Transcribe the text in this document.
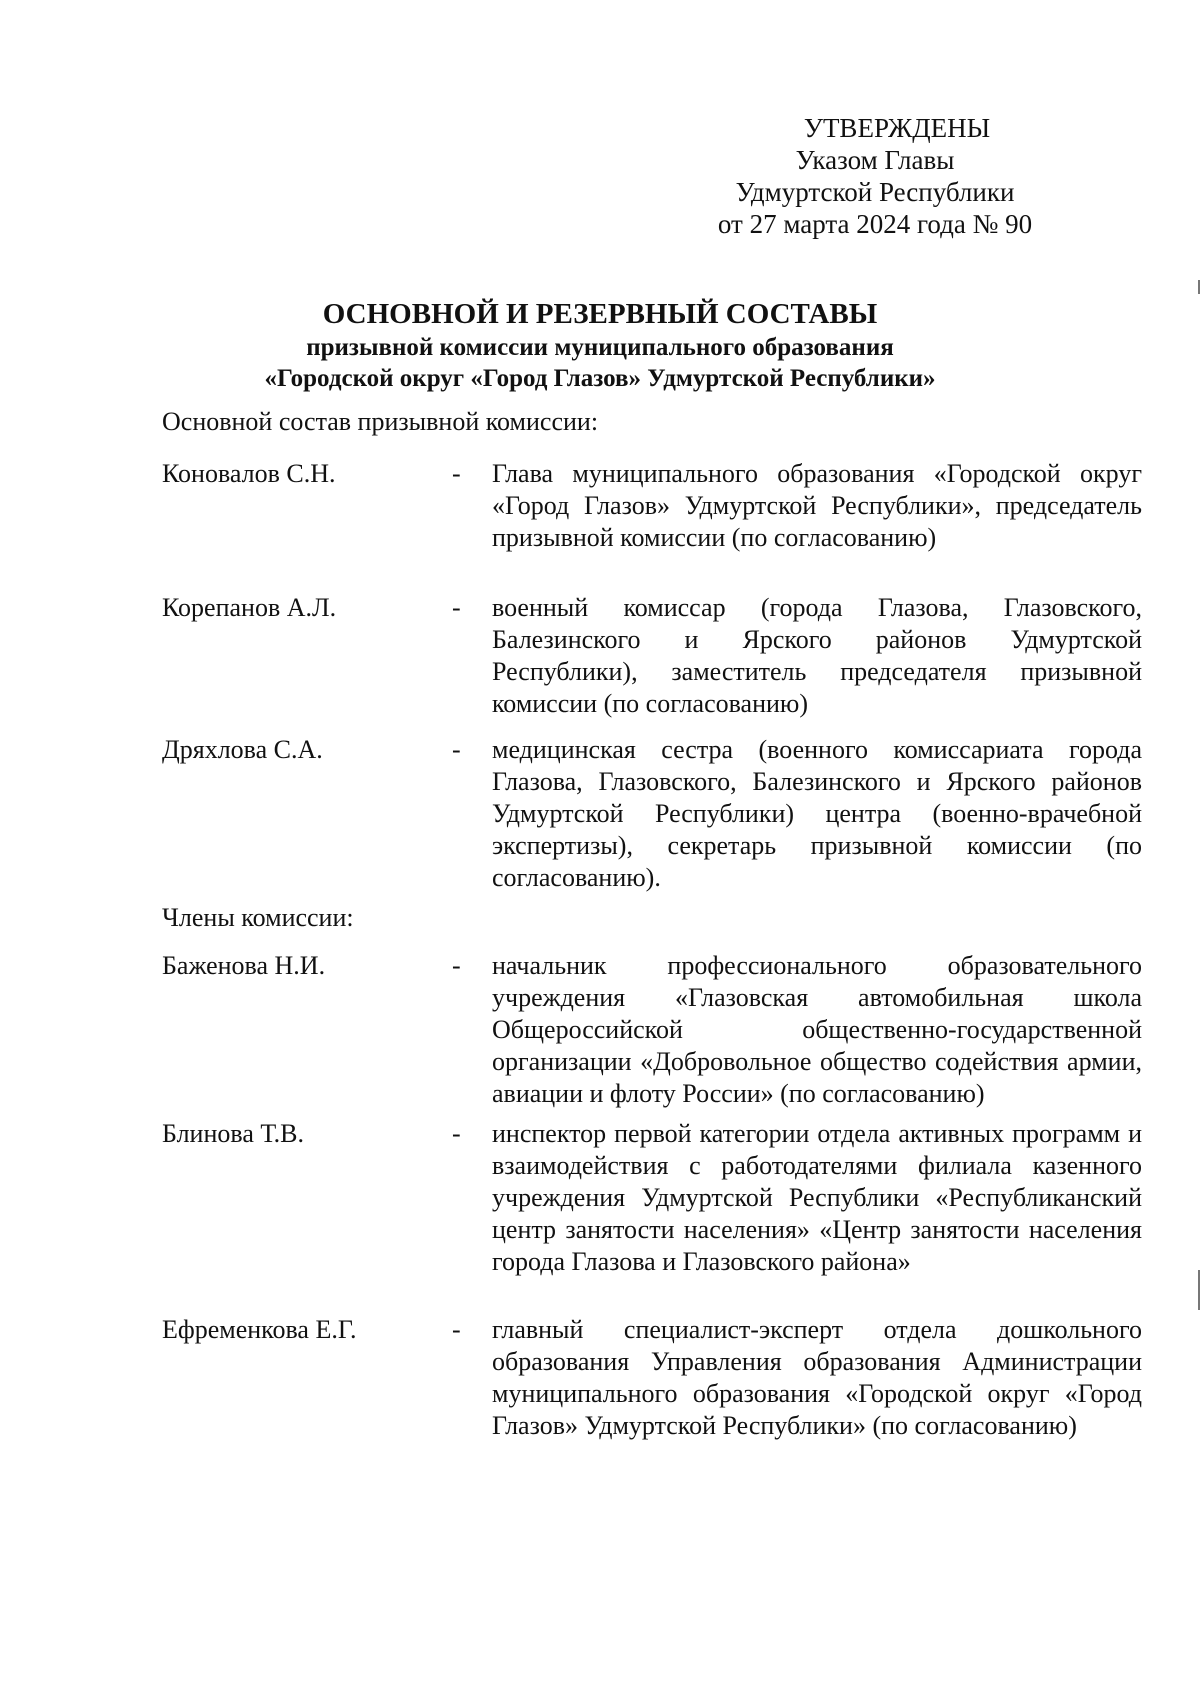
УТВЕРЖДЕНЫ
Указом Главы
Удмуртской Республики
от 27 марта 2024 года № 90
ОСНОВНОЙ И РЕЗЕРВНЫЙ СОСТАВЫ
призывной комиссии муниципального образования
«Городской округ «Город Глазов» Удмуртской Республики»
Основной состав призывной комиссии:
Коновалов С.Н.	- Глава муниципального образования «Городской округ «Город Глазов» Удмуртской Республики», председатель призывной комиссии (по согласованию)
Корепанов А.Л.	- военный комиссар (города Глазова, Глазовского, Балезинского и Ярского районов Удмуртской Республики), заместитель председателя призывной комиссии (по согласованию)
Дряхлова С.А.	- медицинская сестра (военного комиссариата города Глазова, Глазовского, Балезинского и Ярского районов Удмуртской Республики) центра (военно-врачебной экспертизы), секретарь призывной комиссии (по согласованию).
Члены комиссии:
Баженова Н.И.	- начальник профессионального образовательного учреждения «Глазовская автомобильная школа Общероссийской общественно-государственной организации «Добровольное общество содействия армии, авиации и флоту России» (по согласованию)
Блинова Т.В.	- инспектор первой категории отдела активных программ и взаимодействия с работодателями филиала казенного учреждения Удмуртской Республики «Республиканский центр занятости населения» «Центр занятости населения города Глазова и Глазовского района»
Ефременкова Е.Г.	- главный специалист-эксперт отдела дошкольного образования Управления образования Администрации муниципального образования «Городской округ «Город Глазов» Удмуртской Республики» (по согласованию)
